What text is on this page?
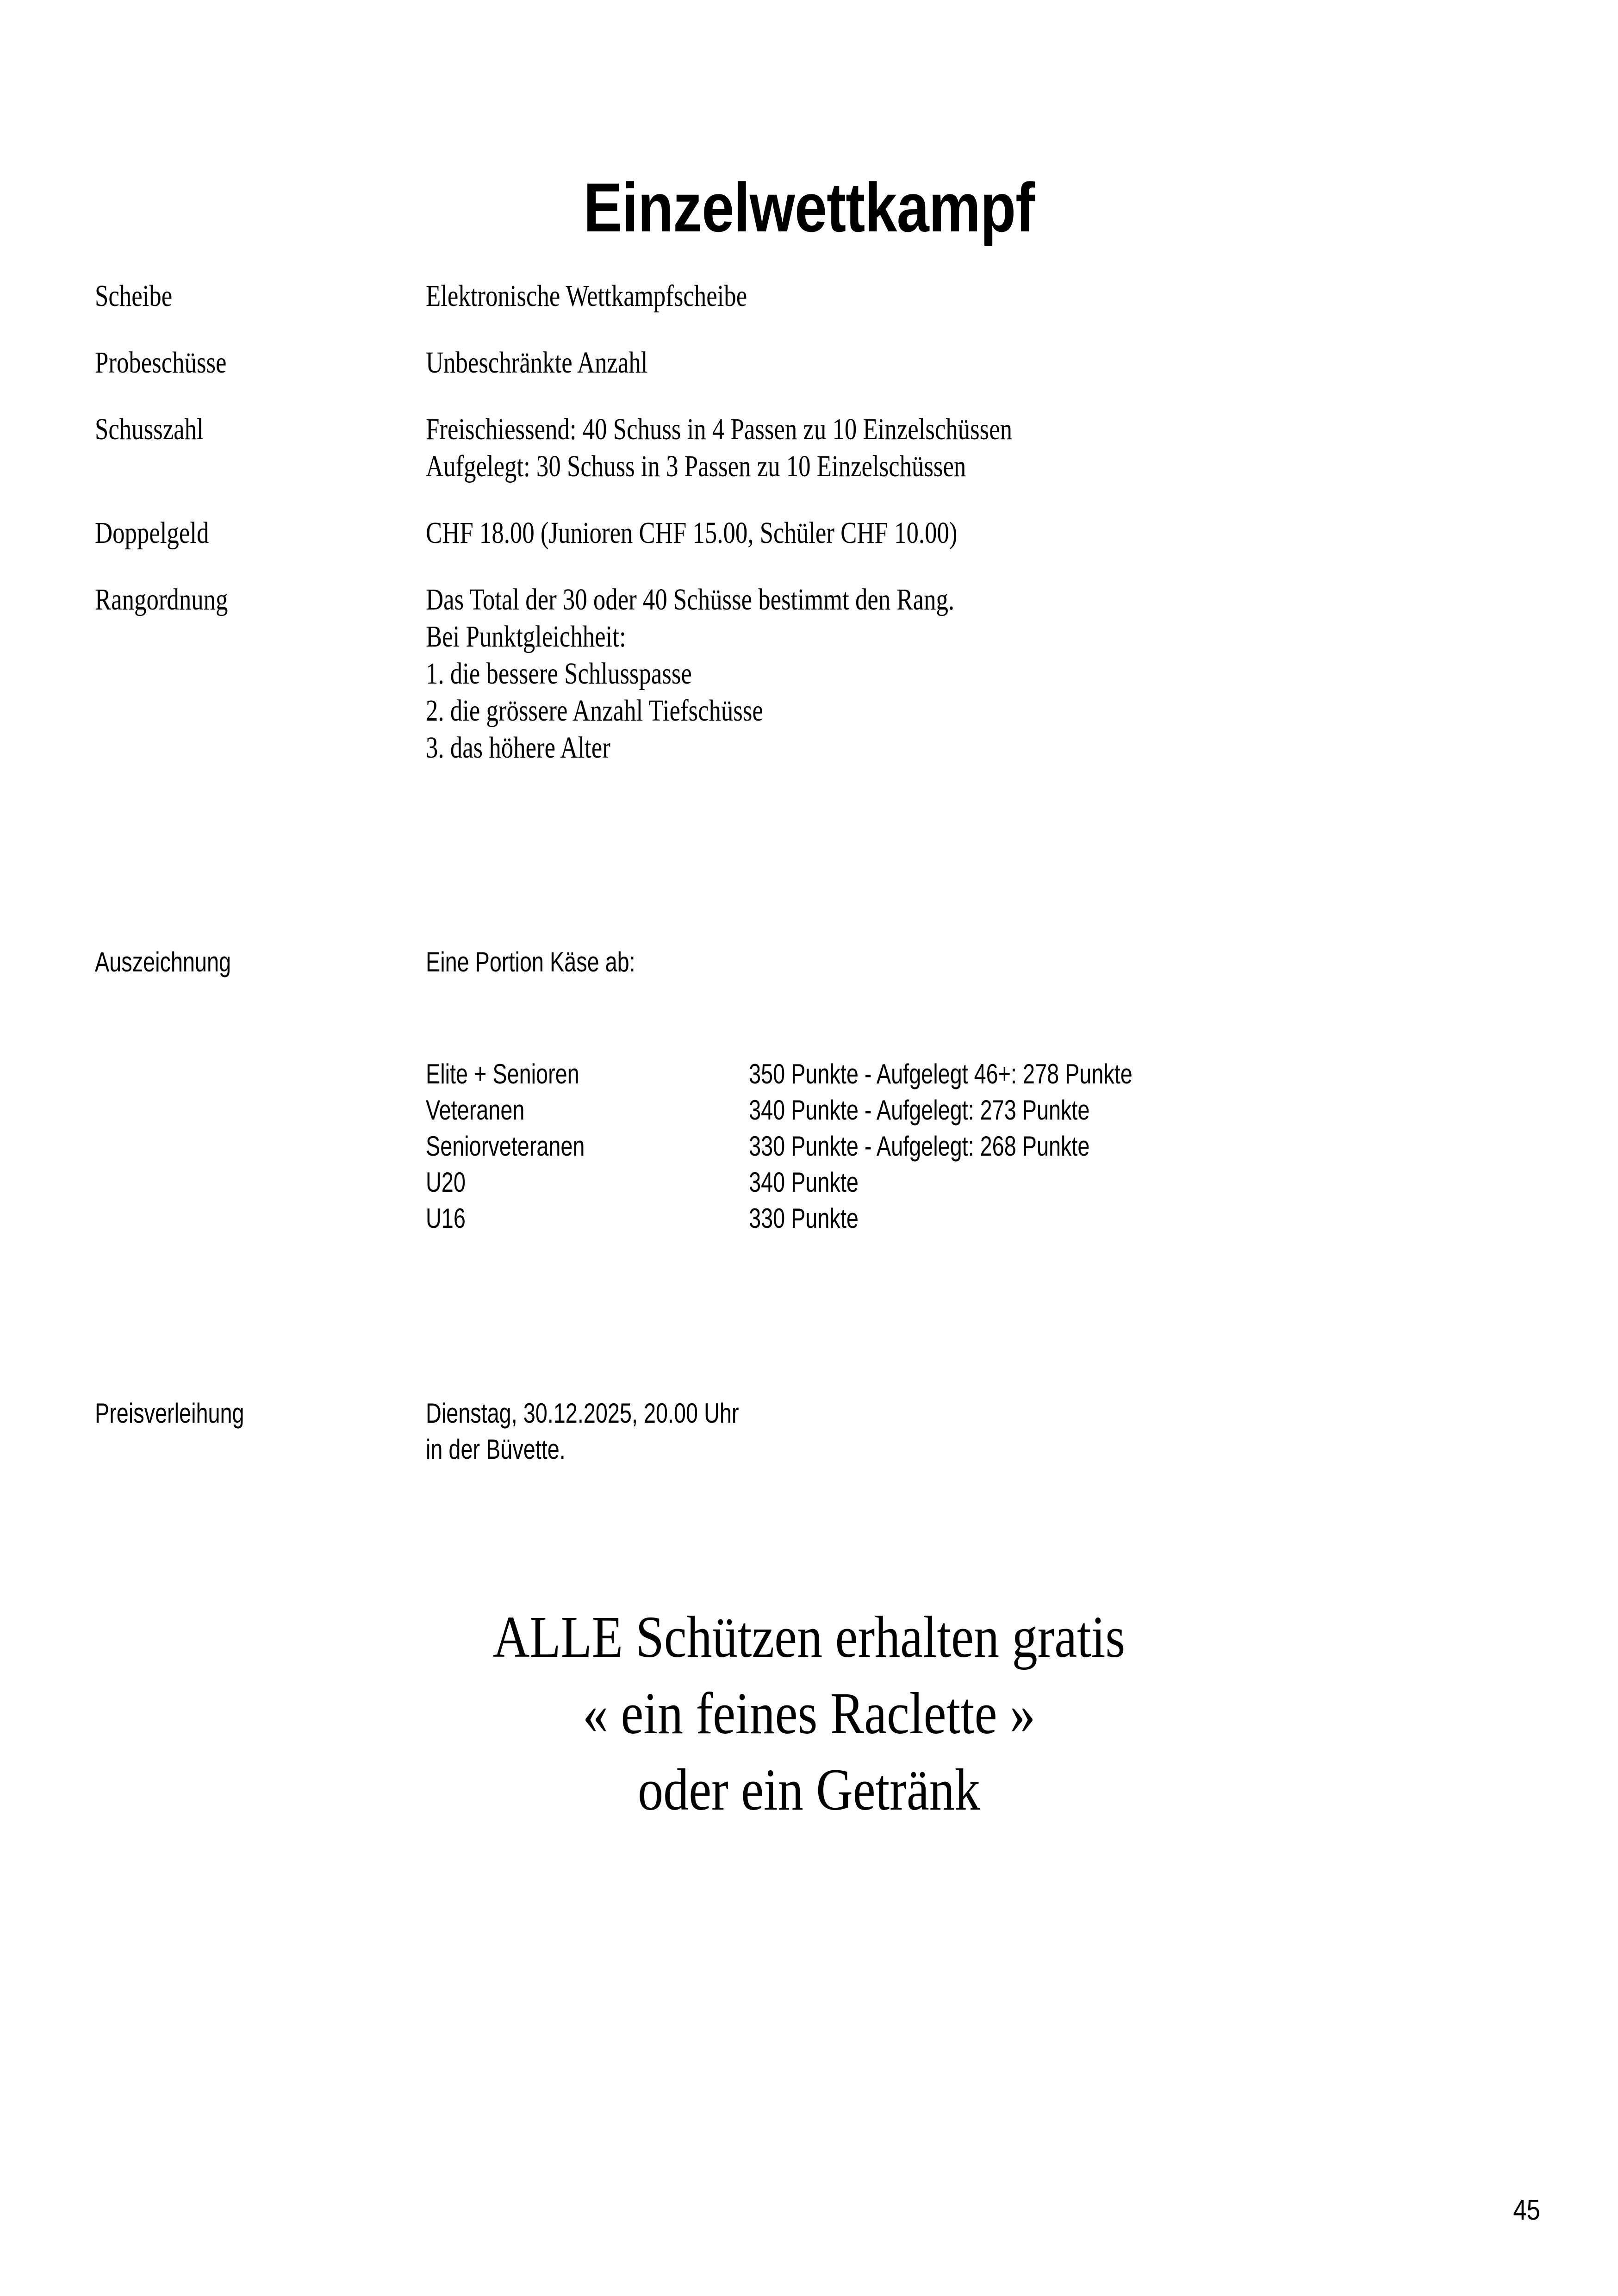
Einzelwettkampf
Scheibe	Elektronische Wettkampfscheibe
Probeschüsse	Unbeschränkte Anzahl
Schusszahl	Freischiessend: 40 Schuss in 4 Passen zu 10 Einzelschüssen
Aufgelegt: 30 Schuss in 3 Passen zu 10 Einzelschüssen
Doppelgeld	CHF 18.00 (Junioren CHF 15.00, Schüler CHF 10.00)
Rangordnung	Das Total der 30 oder 40 Schüsse bestimmt den Rang.
Bei Punktgleichheit:
1. die bessere Schlusspasse
2. die grössere Anzahl Tiefschüsse
3. das höhere Alter
Auszeichnung	Eine Portion Käse ab:
Elite + Senioren	350 Punkte - Aufgelegt 46+: 278 Punkte
Veteranen	340 Punkte - Aufgelegt: 273 Punkte
Seniorveteranen	330 Punkte - Aufgelegt: 268 Punkte
U20	340 Punkte
U16	330 Punkte
Preisverleihung	Dienstag, 30.12.2025, 20.00 Uhr
in der Büvette.
ALLE Schützen erhalten gratis
« ein feines Raclette »
oder ein Getränk
45
